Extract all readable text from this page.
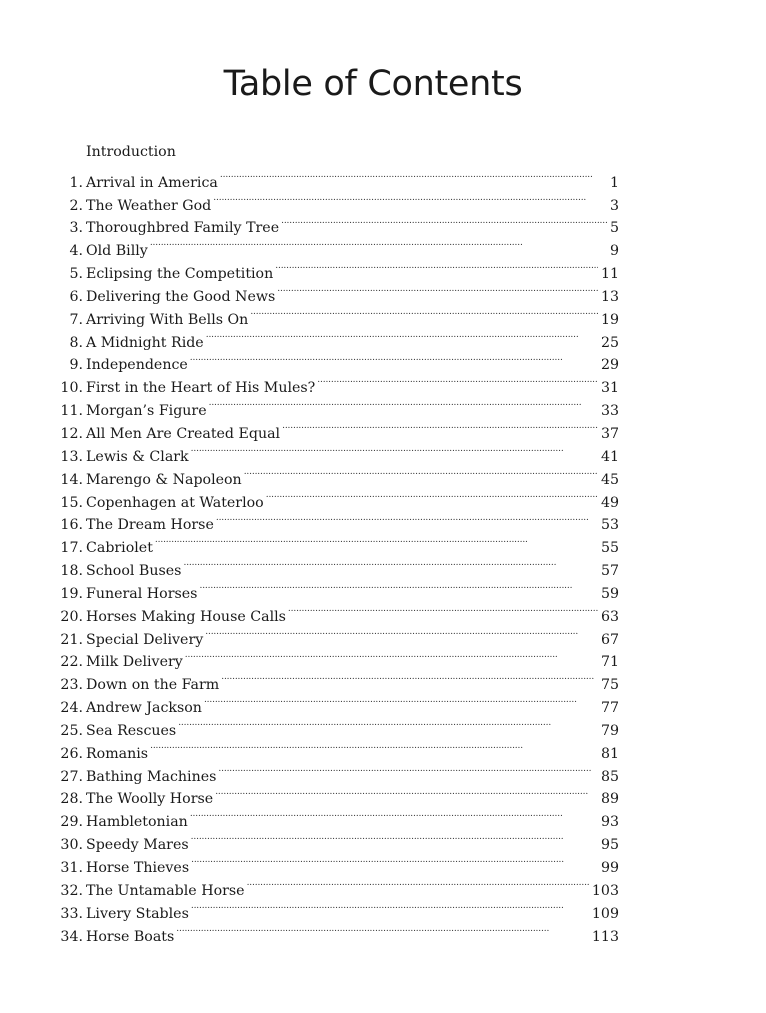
Table of Contents
Introduction
1. Arrival in America . . .	1
2. The Weather God . . .	3
3. Thoroughbred Family Tree . . .	5
4. Old Billy . . .	9
5. Eclipsing the Competition . . .	11
6. Delivering the Good News . . .	13
7. Arriving With Bells On . . .	19
8. A Midnight Ride . . .	25
9. Independence . . .	29
10. First in the Heart of His Mules? . . .	31
11. Morgan’s Figure . . .	33
12. All Men Are Created Equal . . .	37
13. Lewis & Clark . . .	41
14. Marengo & Napoleon . . .	45
15. Copenhagen at Waterloo . . .	49
16. The Dream Horse . . .	53
17. Cabriolet . . .	55
18. School Buses . . .	57
19. Funeral Horses . . .	59
20. Horses Making House Calls . . .	63
21. Special Delivery . . .	67
22. Milk Delivery . . .	71
23. Down on the Farm . . .	75
24. Andrew Jackson . . .	77
25. Sea Rescues . . .	79
26. Romanis . . .	81
27. Bathing Machines . . .	85
28. The Woolly Horse . . .	89
29. Hambletonian . . .	93
30. Speedy Mares . . .	95
31. Horse Thieves . . .	99
32. The Untamable Horse . . .	103
33. Livery Stables . . .	109
34. Horse Boats . . .	113
